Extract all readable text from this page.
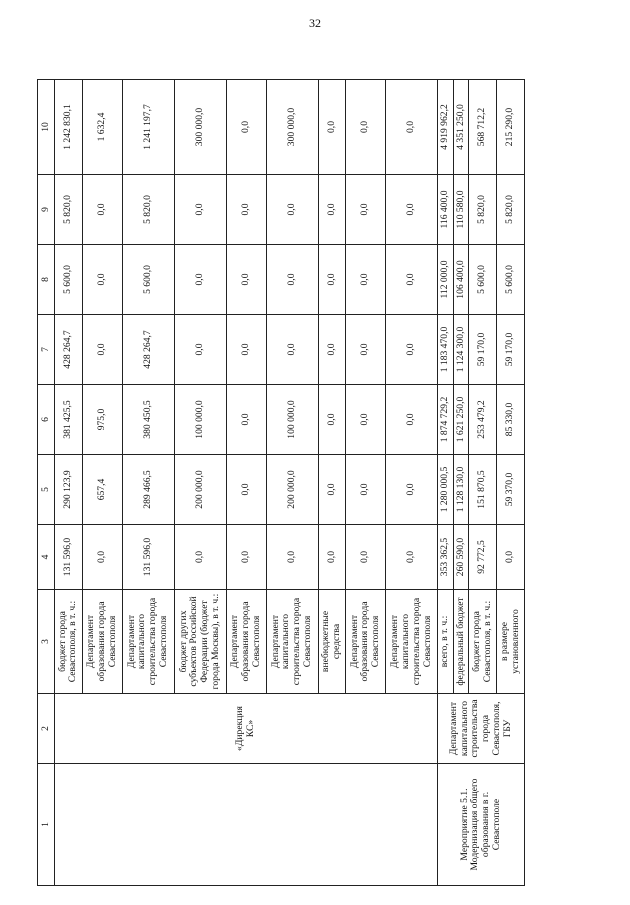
32
1	2	3	4	5	6	7	8	9	10
	«Дирекция КС»	бюджет города Севастополя, в т. ч.:	131 596,0	290 123,9	381 425,5	428 264,7	5 600,0	5 820,0	1 242 830,1
		Департамент образования города Севастополя	0,0	657,4	975,0	0,0	0,0	0,0	1 632,4
		Департамент капитального строительства города Севастополя	131 596,0	289 466,5	380 450,5	428 264,7	5 600,0	5 820,0	1 241 197,7
		бюджет других субъектов Российской Федерации (бюджет города Москвы), в т. ч.:	0,0	200 000,0	100 000,0	0,0	0,0	0,0	300 000,0
		Департамент образования города Севастополя	0,0	0,0	0,0	0,0	0,0	0,0	0,0
		Департамент капитального строительства города Севастополя	0,0	200 000,0	100 000,0	0,0	0,0	0,0	300 000,0
		внебюджетные средства	0,0	0,0	0,0	0,0	0,0	0,0	0,0
		Департамент образования города Севастополя	0,0	0,0	0,0	0,0	0,0	0,0	0,0
		Департамент капитального строительства города Севастополя	0,0	0,0	0,0	0,0	0,0	0,0	0,0
Мероприятие 5.1. Модернизация общего образования в г. Севастополе	Департамент капитального строительства города Севастополя, ГБУ	всего, в т. ч.:	353 362,5	1 280 000,5	1 874 729,2	1 183 470,0	112 000,0	116 400,0	4 919 962,2
		федеральный бюджет	260 590,0	1 128 130,0	1 621 250,0	1 124 300,0	106 400,0	110 580,0	4 351 250,0
		бюджет города Севастополя, в т. ч.:	92 772,5	151 870,5	253 479,2	59 170,0	5 600,0	5 820,0	568 712,2
		в размере установленного	0,0	59 370,0	85 330,0	59 170,0	5 600,0	5 820,0	215 290,0
